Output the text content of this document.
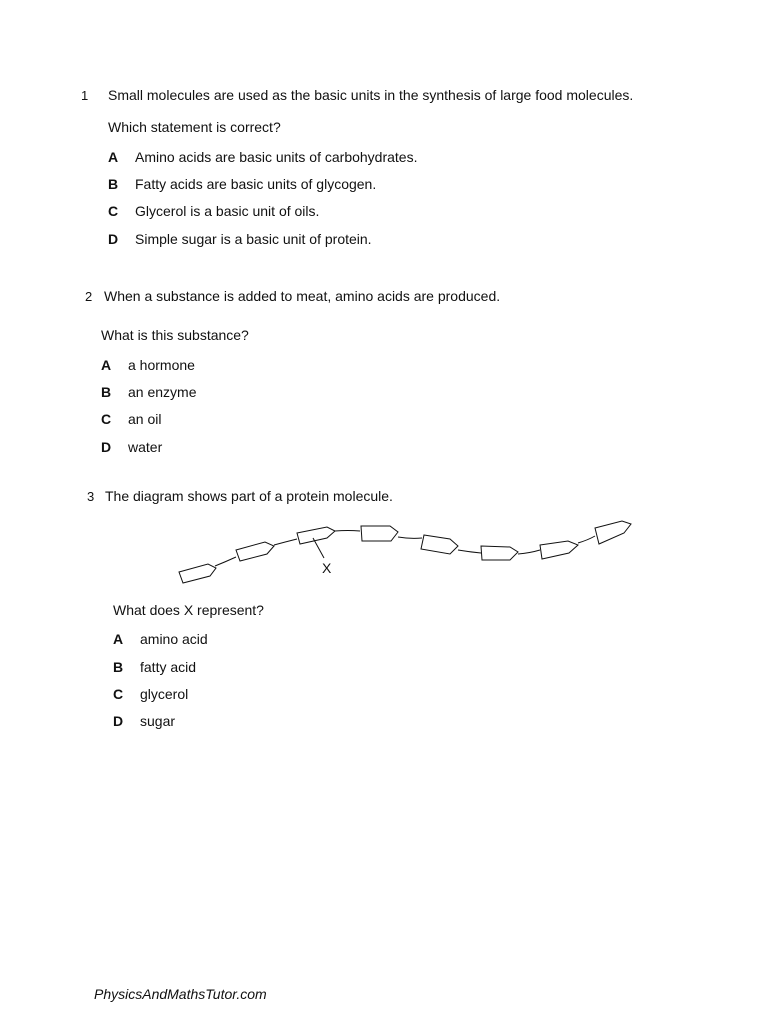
1 Small molecules are used as the basic units in the synthesis of large food molecules.
Which statement is correct?
A Amino acids are basic units of carbohydrates.
B Fatty acids are basic units of glycogen.
C Glycerol is a basic unit of oils.
D Simple sugar is a basic unit of protein.
2 When a substance is added to meat, amino acids are produced.
What is this substance?
A a hormone
B an enzyme
C an oil
D water
3 The diagram shows part of a protein molecule.
X
What does X represent?
A amino acid
B fatty acid
C glycerol
D sugar
PhysicsAndMathsTutor.com
